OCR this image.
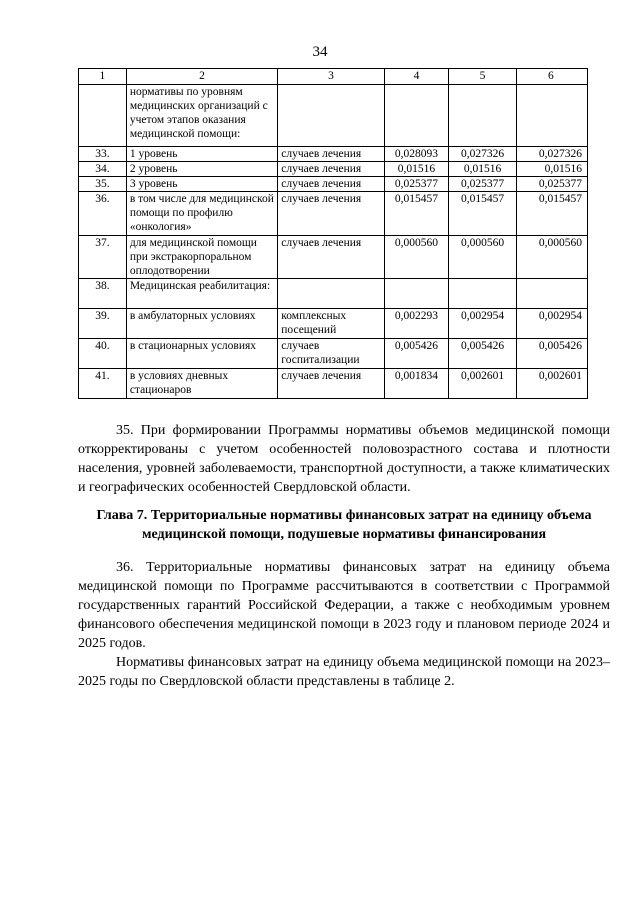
34
1	2	3	4	5	6
	нормативы по уровням медицинских организаций с учетом этапов оказания медицинской помощи:				
33.	1 уровень	случаев лечения	0,028093	0,027326	0,027326
34.	2 уровень	случаев лечения	0,01516	0,01516	0,01516
35.	3 уровень	случаев лечения	0,025377	0,025377	0,025377
36.	в том числе для медицинской помощи по профилю «онкология»	случаев лечения	0,015457	0,015457	0,015457
37.	для медицинской помощи при экстракорпоральном оплодотворении	случаев лечения	0,000560	0,000560	0,000560
38.	Медицинская реабилитация:				
39.	в амбулаторных условиях	комплексных посещений	0,002293	0,002954	0,002954
40.	в стационарных условиях	случаев госпитализации	0,005426	0,005426	0,005426
41.	в условиях дневных стационаров	случаев лечения	0,001834	0,002601	0,002601
35. При формировании Программы нормативы объемов медицинской помощи откорректированы с учетом особенностей половозрастного состава и плотности населения, уровней заболеваемости, транспортной доступности, а также климатических и географических особенностей Свердловской области.
Глава 7. Территориальные нормативы финансовых затрат на единицу объема медицинской помощи, подушевые нормативы финансирования
36. Территориальные нормативы финансовых затрат на единицу объема медицинской помощи по Программе рассчитываются в соответствии с Программой государственных гарантий Российской Федерации, а также с необходимым уровнем финансового обеспечения медицинской помощи в 2023 году и плановом периоде 2024 и 2025 годов.
Нормативы финансовых затрат на единицу объема медицинской помощи на 2023–2025 годы по Свердловской области представлены в таблице 2.
